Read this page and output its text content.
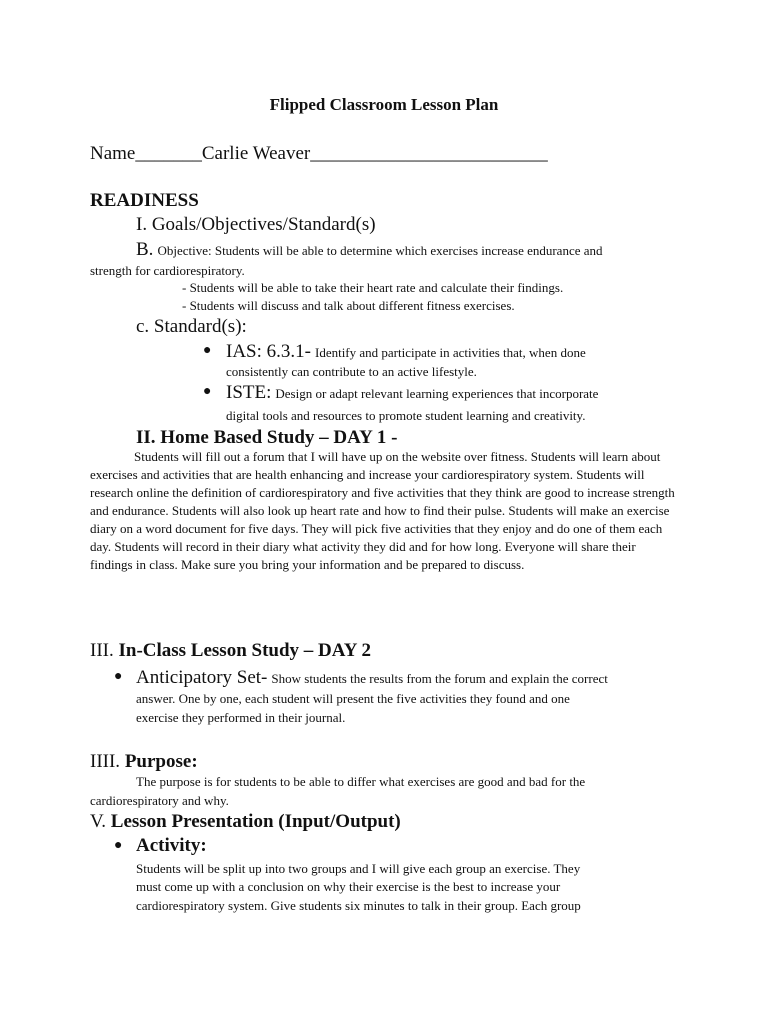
Flipped Classroom Lesson Plan
Name_______Carlie Weaver_________________________
READINESS
I. Goals/Objectives/Standard(s)
B. Objective: Students will be able to determine which exercises increase endurance and
strength for cardiorespiratory.
- Students will be able to take their heart rate and calculate their findings.
- Students will discuss and talk about different fitness exercises.
c. Standard(s):
● IAS: 6.3.1- Identify and participate in activities that, when done
consistently can contribute to an active lifestyle.
● ISTE: Design or adapt relevant learning experiences that incorporate
digital tools and resources to promote student learning and creativity.
II. Home Based Study – DAY 1 -
Students will fill out a forum that I will have up on the website over fitness. Students will learn about exercises and activities that are health enhancing and increase your cardiorespiratory system. Students will research online the definition of cardiorespiratory and five activities that they think are good to increase strength and endurance. Students will also look up heart rate and how to find their pulse. Students will make an exercise diary on a word document for five days. They will pick five activities that they enjoy and do one of them each day. Students will record in their diary what activity they did and for how long. Everyone will share their findings in class. Make sure you bring your information and be prepared to discuss.
III. In-Class Lesson Study – DAY 2
● Anticipatory Set- Show students the results from the forum and explain the correct
answer. One by one, each student will present the five activities they found and one
exercise they performed in their journal.
IIII. Purpose:
The purpose is for students to be able to differ what exercises are good and bad for the
cardiorespiratory and why.
V. Lesson Presentation (Input/Output)
● Activity:
Students will be split up into two groups and I will give each group an exercise. They
must come up with a conclusion on why their exercise is the best to increase your
cardiorespiratory system. Give students six minutes to talk in their group. Each group
